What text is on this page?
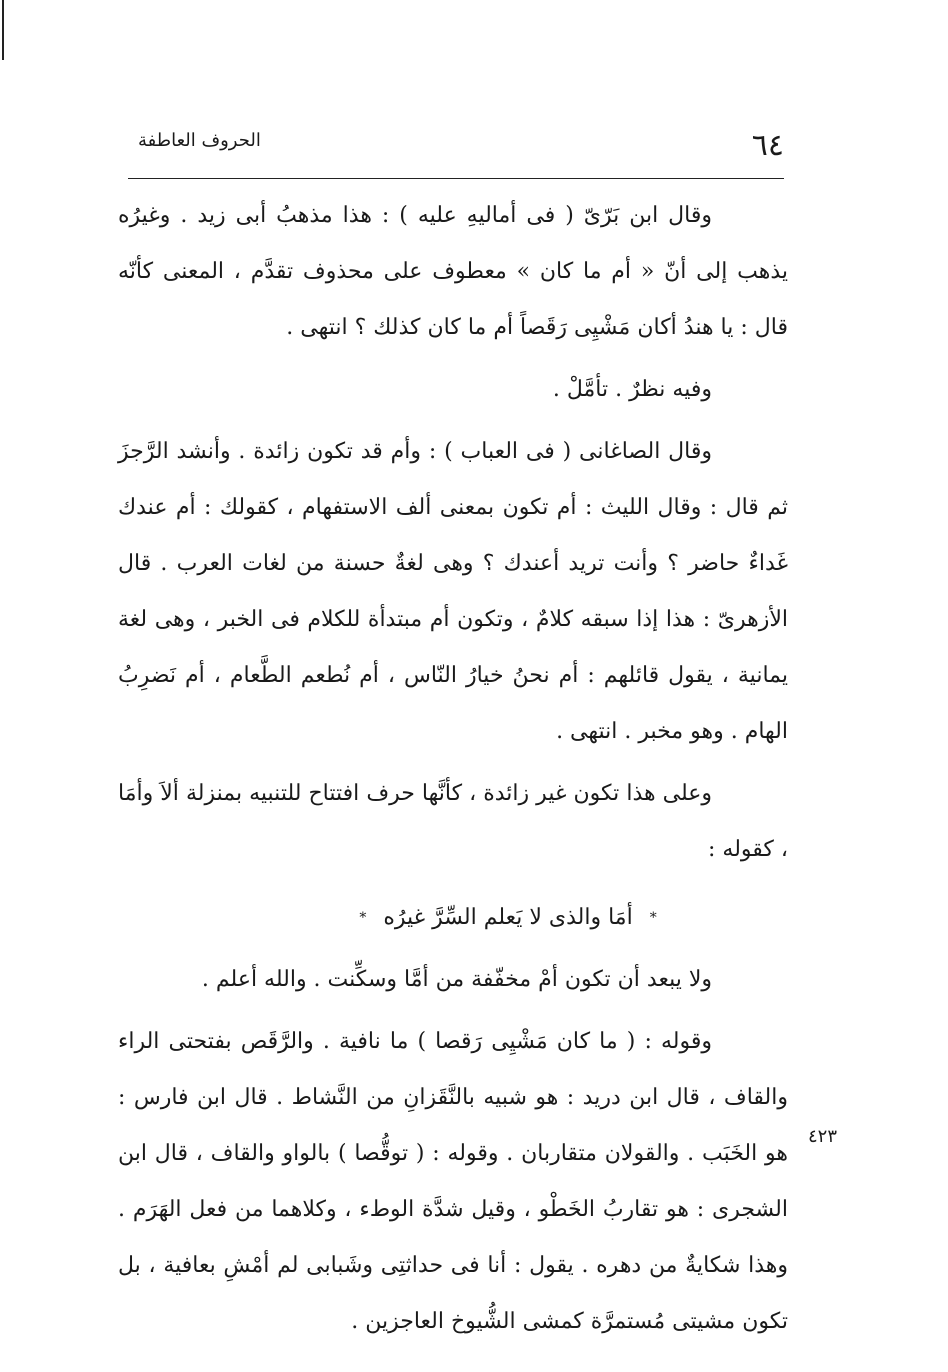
٦٤
الحروف العاطفة

وقال ابن بَرّىّ ( فى أماليهِ عليه ) : هذا مذهبُ أبى زيد . وغيرُه يذهب إلى أنّ « أم ما كان » معطوف على محذوف تقدَّم ، المعنى كأنّه قال : يا هندُ أكان مَشْيِى رَقَصاً أم ما كان كذلك ؟ انتهى .

وفيه نظرٌ . تأمَّلْ .

وقال الصاغانى ( فى العباب ) : وأم قد تكون زائدة . وأنشد الرَّجزَ ثم قال : وقال الليث : أم تكون بمعنى ألف الاستفهام ، كقولك : أم عندك غَداءٌ حاضر ؟ وأنت تريد أعندك ؟ وهى لغةٌ حسنة من لغات العرب . قال الأزهرىّ : هذا إذا سبقه كلامٌ ، وتكون أم مبتدأة للكلام فى الخبر ، وهى لغة يمانية ، يقول قائلهم : أم نحنُ خيارُ النّاس ، أم نُطعم الطَّعام ، أم نَضرِبُ الهام . وهو مخبر . انتهى .

وعلى هذا تكون غير زائدة ، كأنَّها حرف افتتاح للتنبيه بمنزلة ألاَ وأمَا ، كقوله :

* أمَا والذى لا يَعلم السِّرَّ غيرُه *

ولا يبعد أن تكون أمْ مخفّفة من أمَّا وسكِّنت . والله أعلم .

وقوله : ( ما كان مَشْيِى رَقصا ) ما نافية . والرَّقَص بفتحتى الراء والقاف ، قال ابن دريد : هو شبيه بالنَّقَزانِ من النَّشاط . قال ابن فارس : هو الخَبَب . والقولان متقاربان . وقوله : ( توقُّصا ) بالواو والقاف ، قال ابن الشجرى : هو تقاربُ الخَطْو ، وقيل شدَّة الوطء ، وكلاهما من فعل الهَرَم . وهذا شكايةٌ من دهره . يقول : أنا فى حداثتِى وشَبابى لم أمْشِ بعافية ، بل تكون مشيتى مُستمرَّة كمشى الشُّيوخ العاجزين .

٤٢٣
